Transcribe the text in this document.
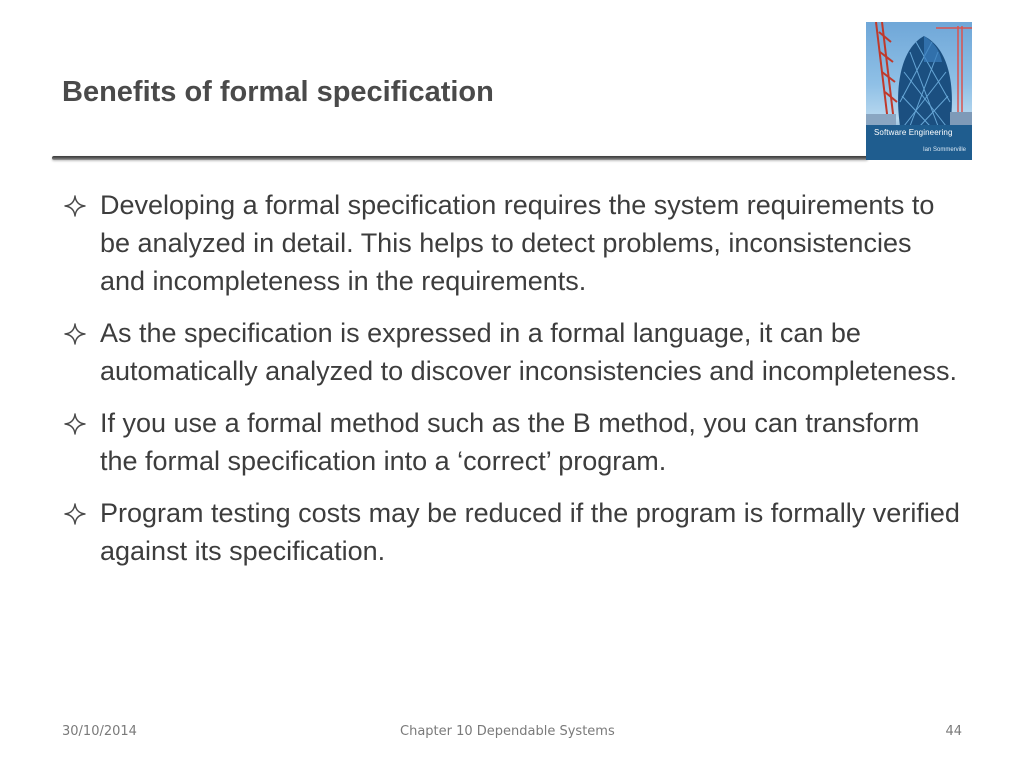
Benefits of formal specification
Software Engineering
Ian Sommerville
Developing a formal specification requires the system requirements to be analyzed in detail. This helps to detect problems, inconsistencies and incompleteness in the requirements.
As the specification is expressed in a formal language, it can be automatically analyzed to discover inconsistencies and incompleteness.
If you use a formal method such as the B method, you can transform the formal specification into a ‘correct’ program.
Program testing costs may be reduced if the program is formally verified against its specification.
30/10/2014	Chapter 10 Dependable Systems	44
